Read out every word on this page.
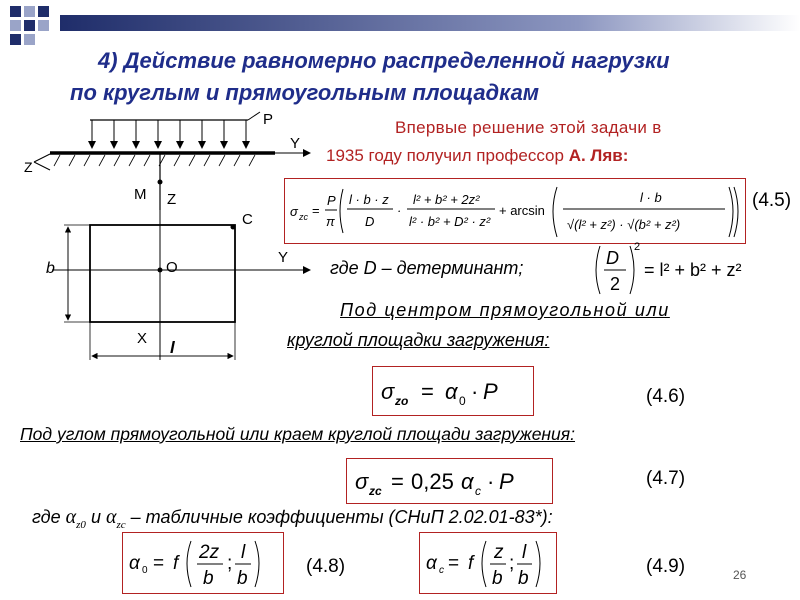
4) Действие равномерно распределенной нагрузки
по круглым и прямоугольным площадкам
P
Y
Z
M Z
C
Y
O
X
b
l
Впервые решение этой задачи в
1935 году получил профессор А. Ляв:
σ zc =
P
π
l · b · z
D
·
l² + b² + 2z²
l² · b² + D² · z²
+ arcsin
l · b
√(l² + z²) · √(b² + z²)
(4.5)
где D – детерминант;	D
2
2
= l² + b² + z²
Под центром прямоугольной или
круглой площадки загружения:
σ zo = α 0 · P	(4.6)
Под углом прямоугольной или краем круглой площади загружения:
σ zc = 0,25 α c · P	(4.7)
где $\alpha_{z0}$ и $\alpha_{zc}$ – табличные коэффициенты (СНиП 2.02.01-83*):
α 0 = f
2z
b
;
l
b
(4.8)	α c = f
z
b
;
l
b
(4.9)	26
